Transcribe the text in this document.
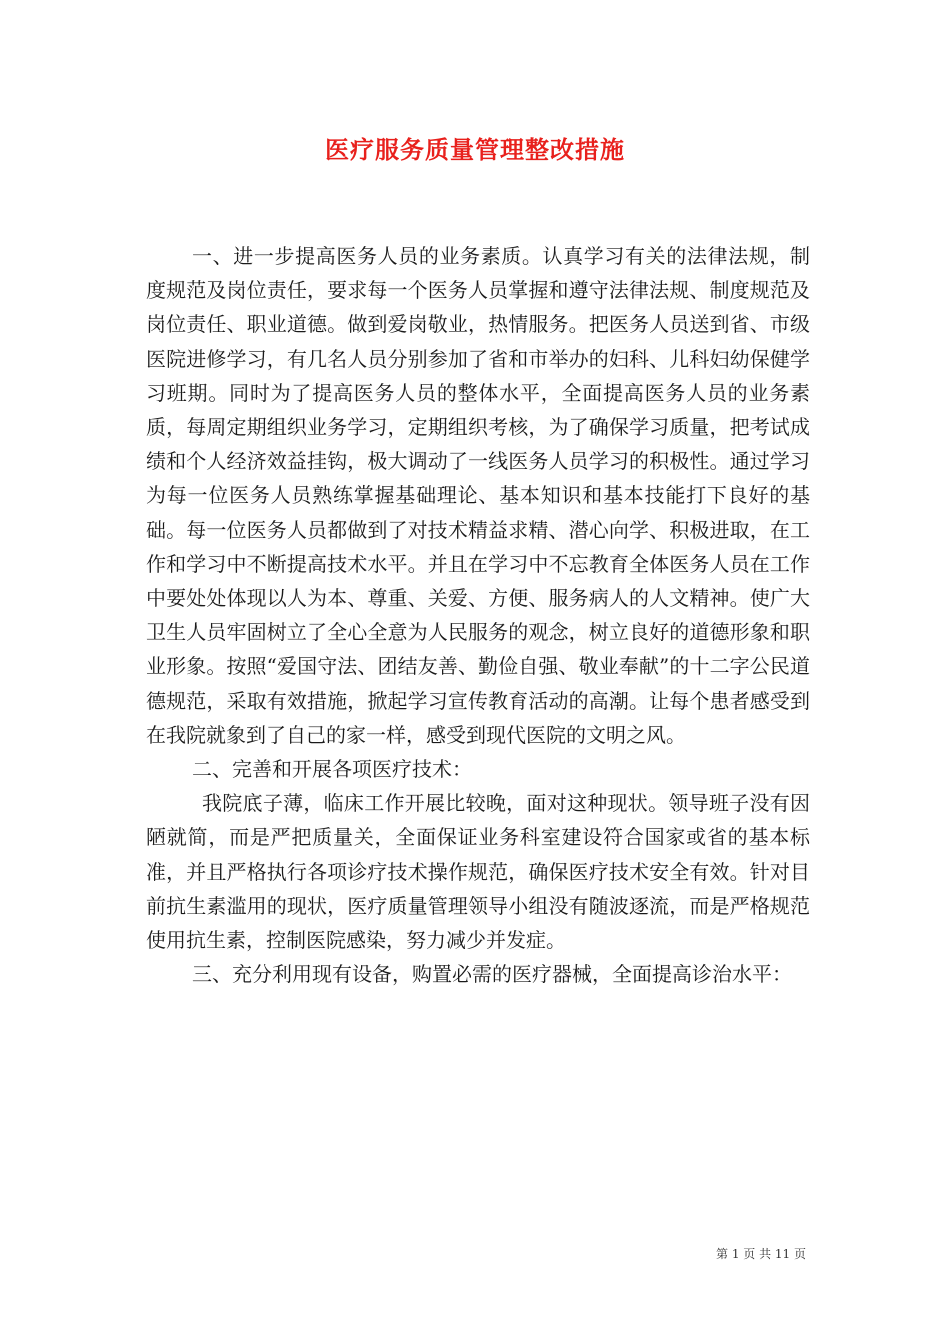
医疗服务质量管理整改措施

一、进一步提高医务人员的业务素质。认真学习有关的法律法规，制度规范及岗位责任，要求每一个医务人员掌握和遵守法律法规、制度规范及岗位责任、职业道德。做到爱岗敬业，热情服务。把医务人员送到省、市级医院进修学习，有几名人员分别参加了省和市举办的妇科、儿科妇幼保健学习班期。同时为了提高医务人员的整体水平，全面提高医务人员的业务素质，每周定期组织业务学习，定期组织考核，为了确保学习质量，把考试成绩和个人经济效益挂钩，极大调动了一线医务人员学习的积极性。通过学习为每一位医务人员熟练掌握基础理论、基本知识和基本技能打下良好的基础。每一位医务人员都做到了对技术精益求精、潜心向学、积极进取，在工作和学习中不断提高技术水平。并且在学习中不忘教育全体医务人员在工作中要处处体现以人为本、尊重、关爱、方便、服务病人的人文精神。使广大卫生人员牢固树立了全心全意为人民服务的观念，树立良好的道德形象和职业形象。按照“爱国守法、团结友善、勤俭自强、敬业奉献”的十二字公民道德规范，采取有效措施，掀起学习宣传教育活动的高潮。让每个患者感受到在我院就象到了自己的家一样，感受到现代医院的文明之风。

二、完善和开展各项医疗技术：

我院底子薄，临床工作开展比较晚，面对这种现状。领导班子没有因陋就简，而是严把质量关，全面保证业务科室建设符合国家或省的基本标准，并且严格执行各项诊疗技术操作规范，确保医疗技术安全有效。针对目前抗生素滥用的现状，医疗质量管理领导小组没有随波逐流，而是严格规范使用抗生素，控制医院感染，努力减少并发症。

三、充分利用现有设备，购置必需的医疗器械，全面提高诊治水平：

第 1 页 共 11 页
